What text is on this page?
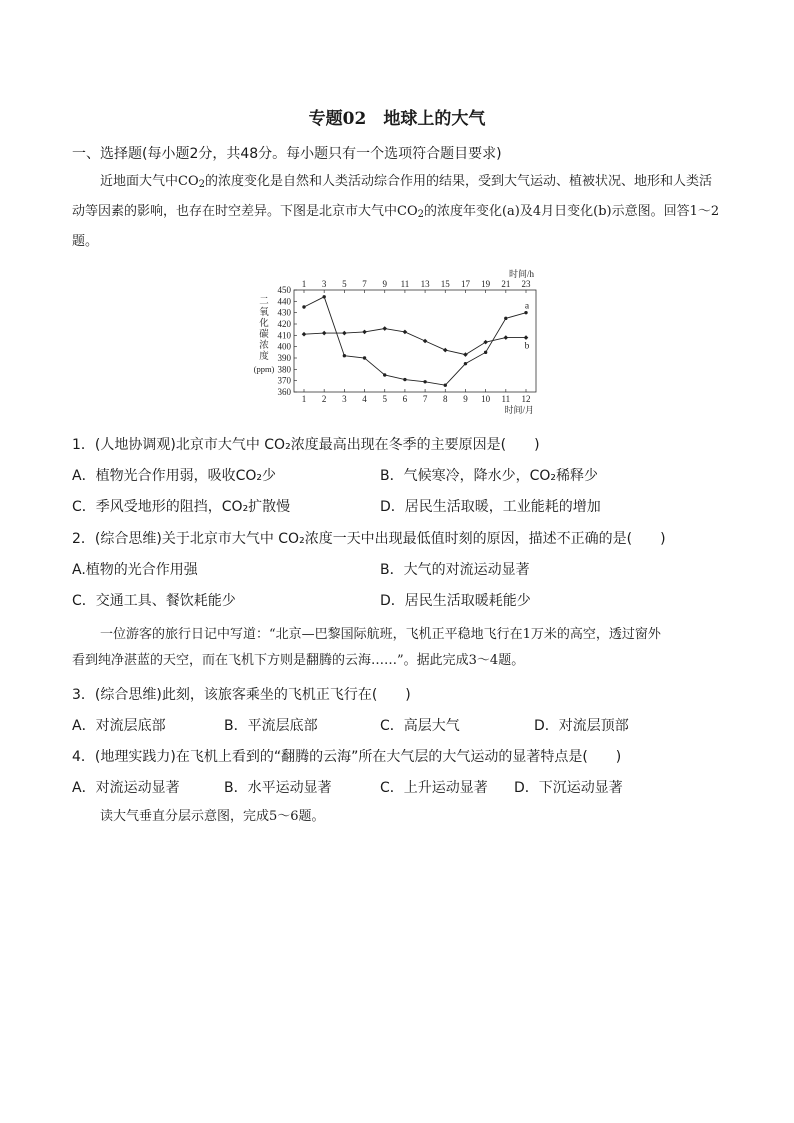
专题02　地球上的大气
一、选择题(每小题2分，共48分。每小题只有一个选项符合题目要求)
近地面大气中$CO_2$的浓度变化是自然和人类活动综合作用的结果，受到大气运动、植被状况、地形和人类活动等因素的影响，也存在时空差异。下图是北京市大气中$CO_2$的浓度年变化(a)及4月日变化(b)示意图。回答1～2题。
360
370
380
390
400
410
420
430
440
450
1 2 3 4 5 6 7 8 9 10 11 12
时间/月
1 3 5 7 9 11 13 15 17 19 21 23
时间/h
二
氧
化
碳
浓
度
(ppm)
a
b
1．(人地协调观)北京市大气中 CO₂浓度最高出现在冬季的主要原因是(　　)
A．植物光合作用弱，吸收CO₂少	B．气候寒冷，降水少，CO₂稀释少
C．季风受地形的阻挡，CO₂扩散慢	D．居民生活取暖，工业能耗的增加
2．(综合思维)关于北京市大气中 CO₂浓度一天中出现最低值时刻的原因，描述不正确的是(　　)
A.植物的光合作用强	B．大气的对流运动显著
C．交通工具、餐饮耗能少	D．居民生活取暖耗能少
一位游客的旅行日记中写道：“北京—巴黎国际航班，飞机正平稳地飞行在1万米的高空，透过窗外
看到纯净湛蓝的天空，而在飞机下方则是翻腾的云海……”。据此完成3～4题。
3．(综合思维)此刻，该旅客乘坐的飞机正飞行在(　　)
A．对流层底部	B．平流层底部	C．高层大气	D．对流层顶部
4．(地理实践力)在飞机上看到的“翻腾的云海”所在大气层的大气运动的显著特点是(　　)
A．对流运动显著	B．水平运动显著	C．上升运动显著 D．下沉运动显著
读大气垂直分层示意图，完成5～6题。
